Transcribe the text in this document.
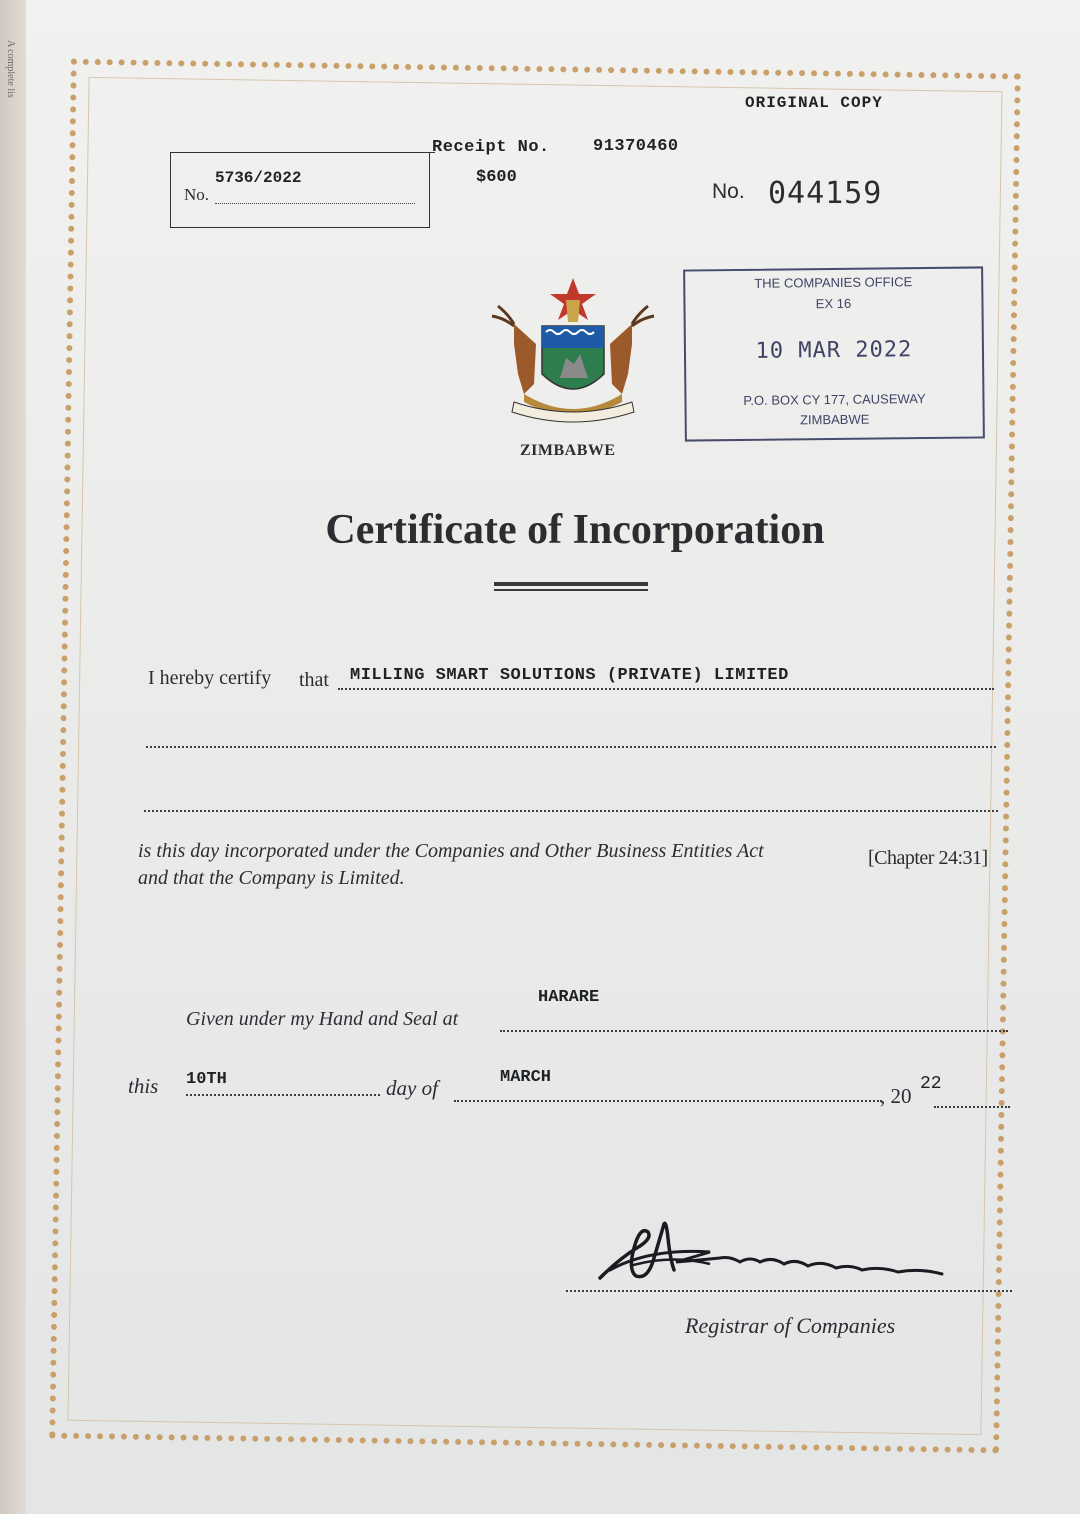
A complete lis
ORIGINAL COPY
Receipt No.	91370460
$600
5736/2022
No.	No. 044159
THE COMPANIES OFFICE
EX 16
10 MAR 2022
P.O. BOX CY 177, CAUSEWAY
ZIMBABWE
ZIMBABWE
Certificate of Incorporation
I hereby certify that MILLING SMART SOLUTIONS (PRIVATE) LIMITED
is this day incorporated under the Companies and Other Business Entities Act	[Chapter 24:31]
and that the Company is Limited.
HARARE
Given under my Hand and Seal at
this 10TH	day of	MARCH
, 20 22
Registrar of Companies
